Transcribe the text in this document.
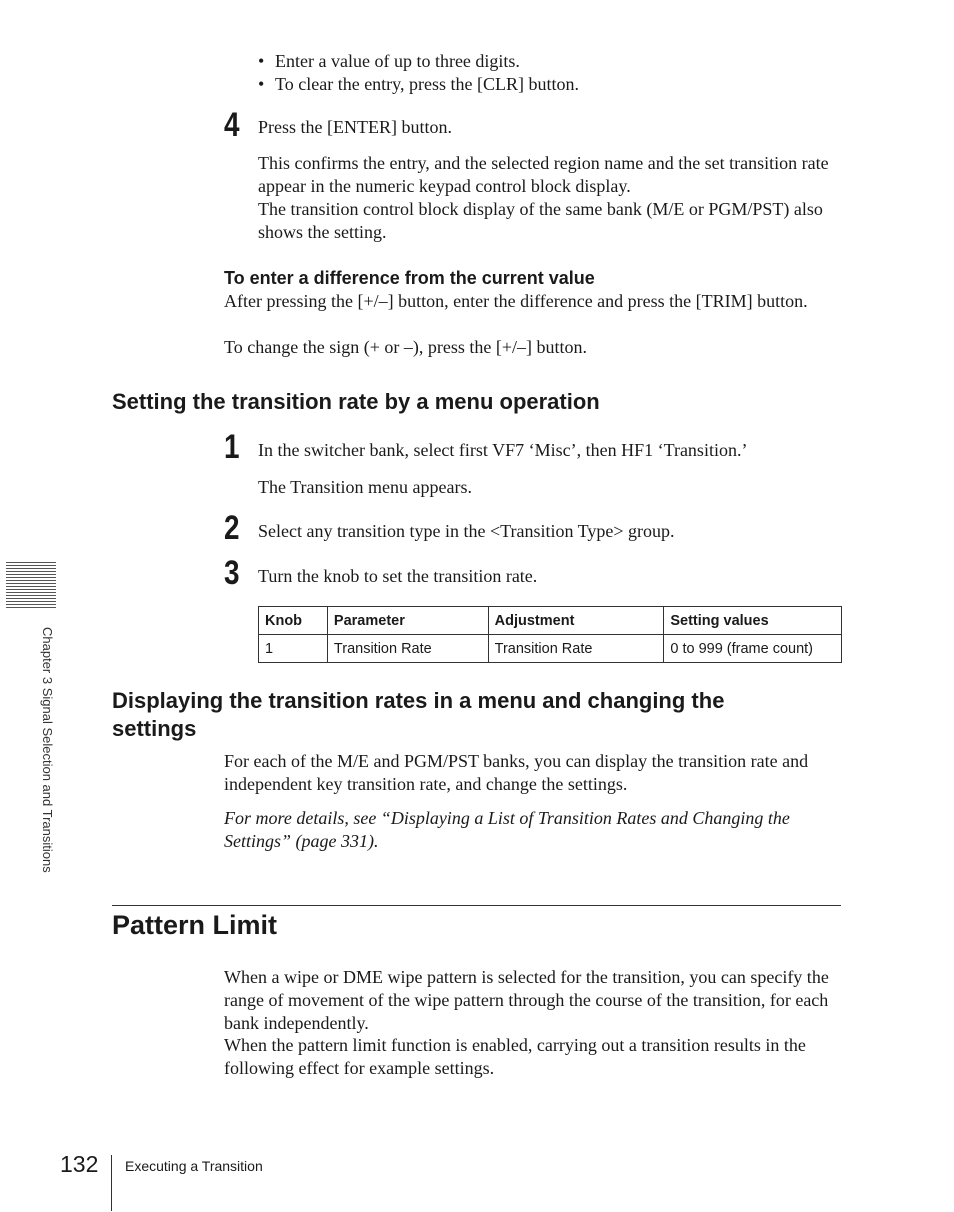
• Enter a value of up to three digits.
• To clear the entry, press the [CLR] button.
4 Press the [ENTER] button.
This confirms the entry, and the selected region name and the set transition rate appear in the numeric keypad control block display.
The transition control block display of the same bank (M/E or PGM/PST) also shows the setting.
To enter a difference from the current value
After pressing the [+/–] button, enter the difference and press the [TRIM] button.
To change the sign (+ or –), press the [+/–] button.
Setting the transition rate by a menu operation
1 In the switcher bank, select first VF7 ‘Misc’, then HF1 ‘Transition.’
The Transition menu appears.
2 Select any transition type in the <Transition Type> group.
3 Turn the knob to set the transition rate.
Knob	Parameter	Adjustment	Setting values
1	Transition Rate	Transition Rate	0 to 999 (frame count)
Displaying the transition rates in a menu and changing the
settings
For each of the M/E and PGM/PST banks, you can display the transition rate and independent key transition rate, and change the settings.
For more details, see “Displaying a List of Transition Rates and Changing the Settings” (page 331).
Pattern Limit
When a wipe or DME wipe pattern is selected for the transition, you can specify the range of movement of the wipe pattern through the course of the transition, for each bank independently.
When the pattern limit function is enabled, carrying out a transition results in the following effect for example settings.
Chapter 3 Signal Selection and Transitions
132 Executing a Transition
